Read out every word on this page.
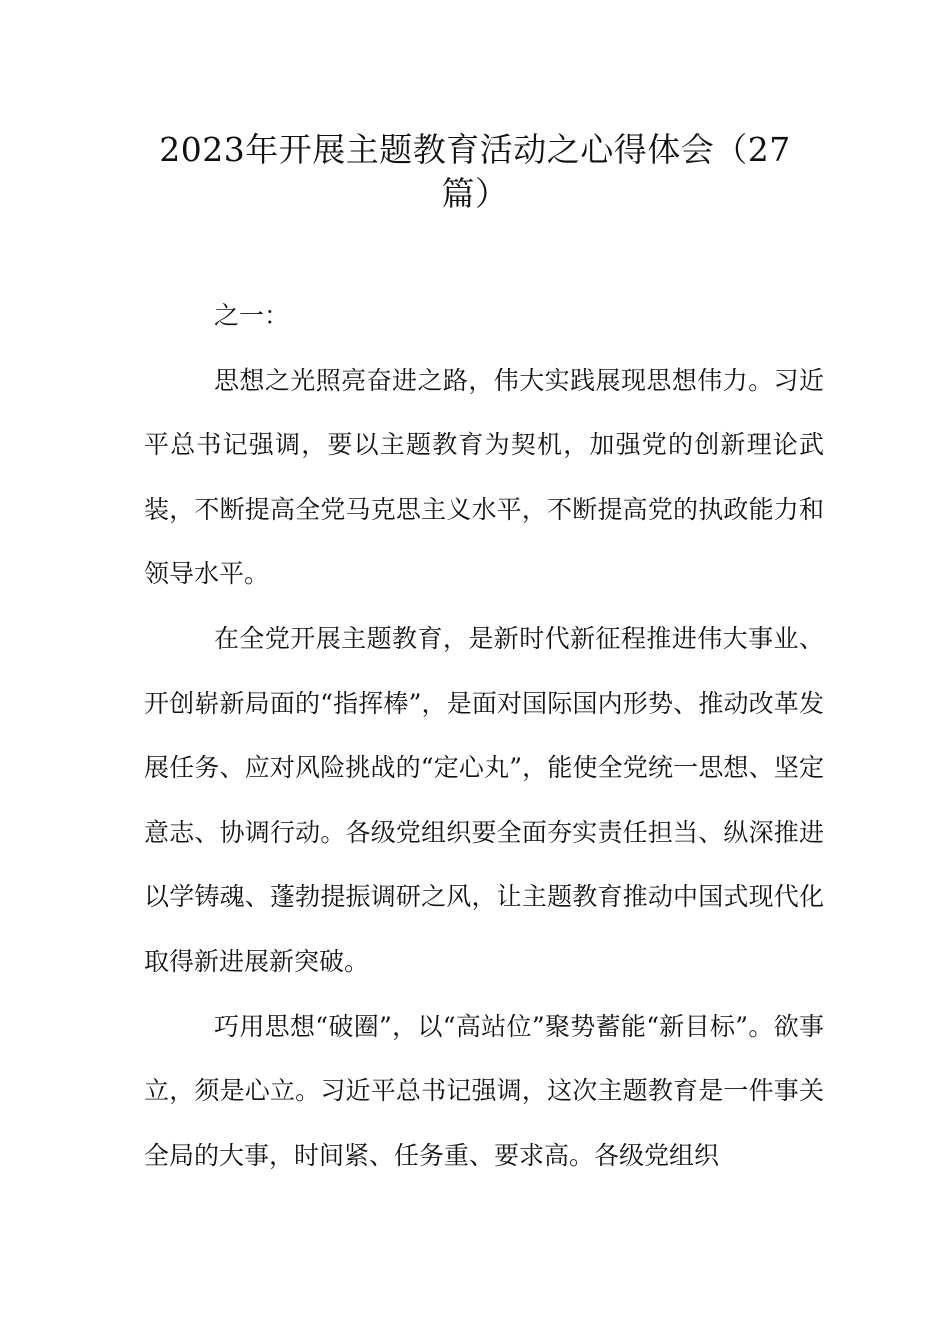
2023年开展主题教育活动之心得体会（27
篇）

之一：

思想之光照亮奋进之路，伟大实践展现思想伟力。习近平总书记强调，要以主题教育为契机，加强党的创新理论武装，不断提高全党马克思主义水平，不断提高党的执政能力和领导水平。

在全党开展主题教育，是新时代新征程推进伟大事业、开创崭新局面的“指挥棒”，是面对国际国内形势、推动改革发展任务、应对风险挑战的“定心丸”，能使全党统一思想、坚定意志、协调行动。各级党组织要全面夯实责任担当、纵深推进以学铸魂、蓬勃提振调研之风，让主题教育推动中国式现代化取得新进展新突破。

巧用思想“破圈”，以“高站位”聚势蓄能“新目标”。欲事立，须是心立。习近平总书记强调，这次主题教育是一件事关全局的大事，时间紧、任务重、要求高。各级党组织
